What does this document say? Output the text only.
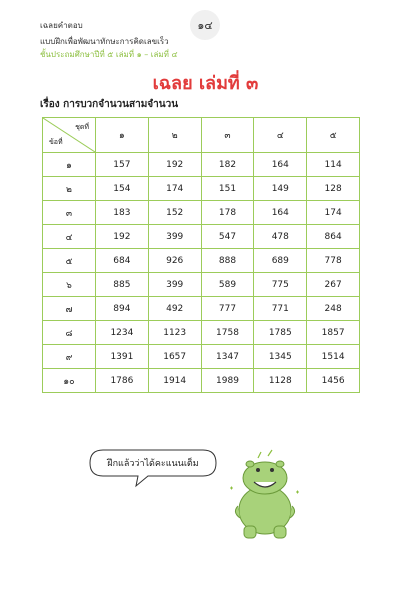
เฉลยคำตอบ
แบบฝึกเพื่อพัฒนาทักษะการคิดเลขเร็ว
ชั้นประถมศึกษาปีที่ ๕ เล่มที่ ๑ – เล่มที่ ๔
๑๔
เฉลย เล่มที่ ๓
เรื่อง การบวกจำนวนสามจำนวน
ชุดที่
ข้อที่	๑	๒	๓	๔	๕
๑	157	192	182	164	114
๒	154	174	151	149	128
๓	183	152	178	164	174
๔	192	399	547	478	864
๕	684	926	888	689	778
๖	885	399	589	775	267
๗	894	492	777	771	248
๘	1234	1123	1758	1785	1857
๙	1391	1657	1347	1345	1514
๑๐	1786	1914	1989	1128	1456
ฝึกแล้วว่าได้คะแนนเต็ม
